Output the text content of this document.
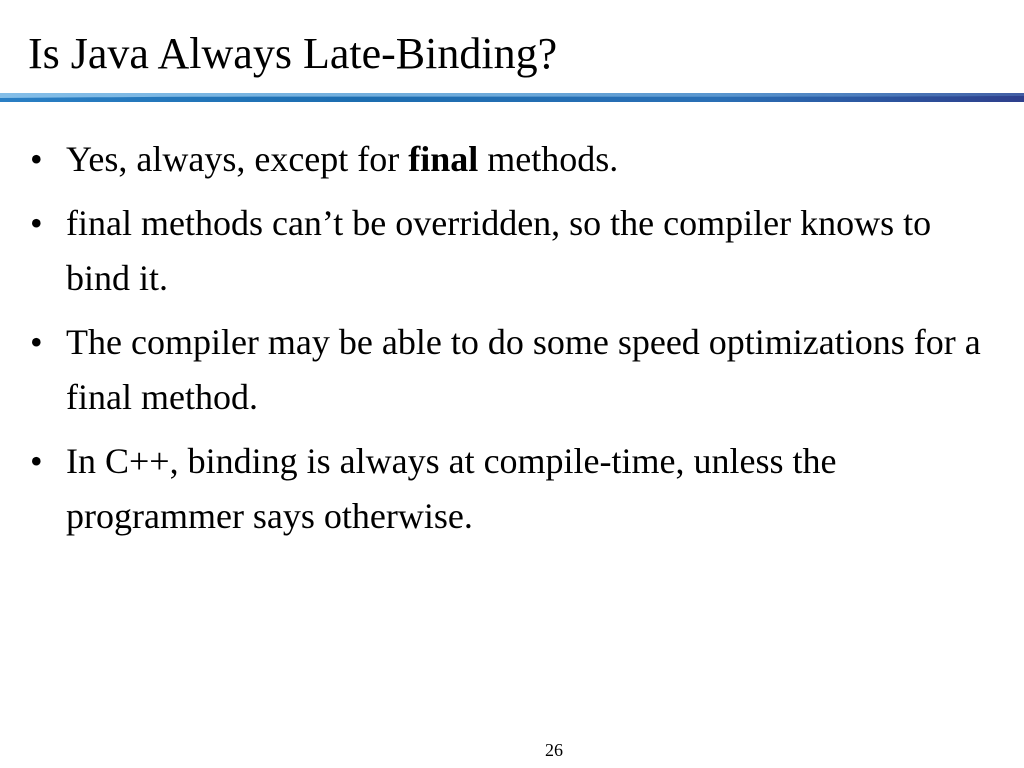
Is Java Always Late-Binding?
• Yes, always, except for final methods.
• final methods can’t be overridden, so the compiler knows to bind it.
• The compiler may be able to do some speed optimizations for a final method.
• In C++, binding is always at compile-time, unless the programmer says otherwise.

26
